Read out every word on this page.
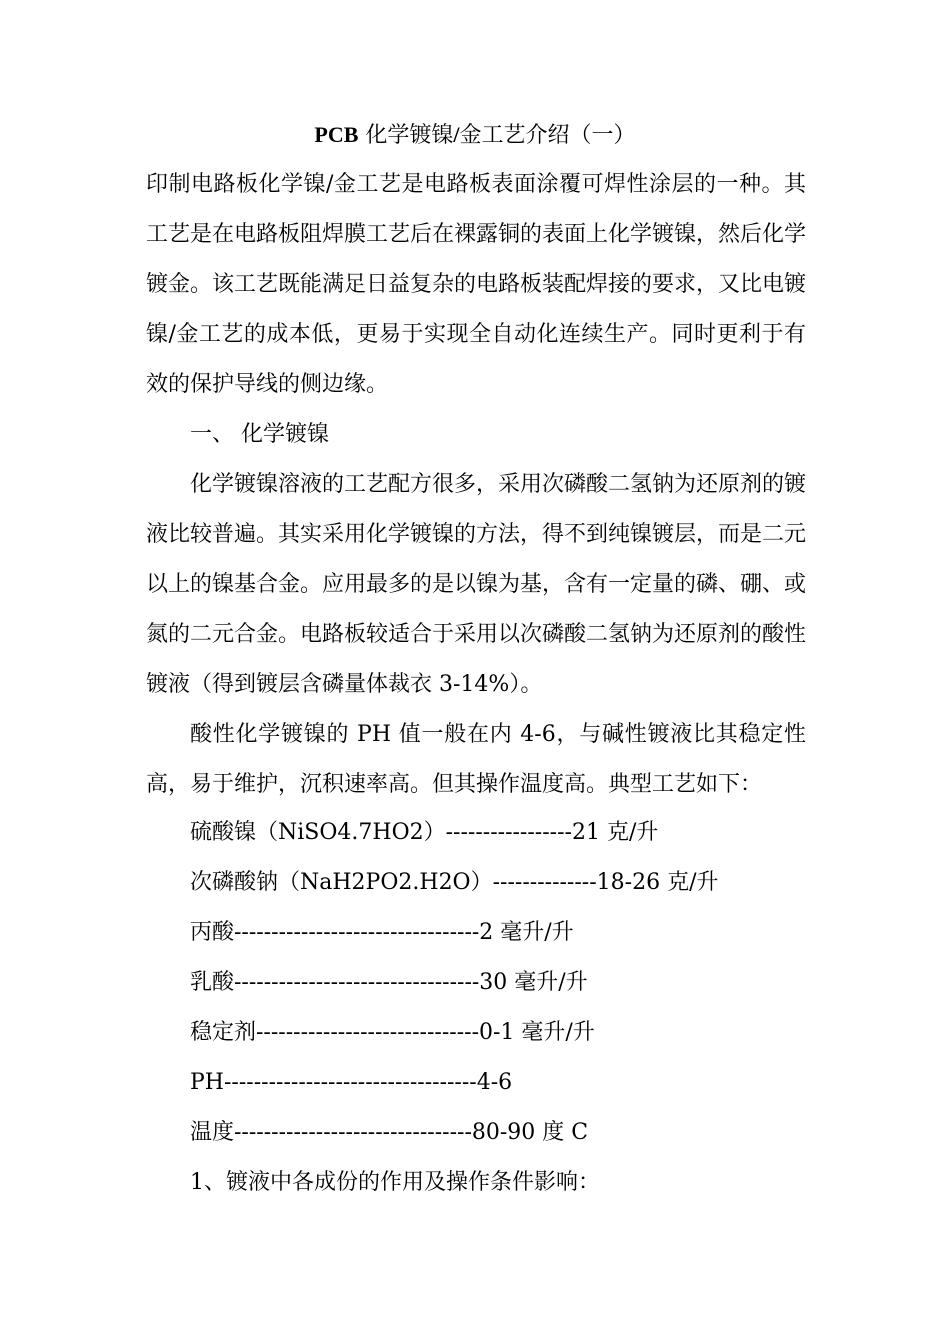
PCB 化学镀镍/金工艺介绍（一）

印制电路板化学镍/金工艺是电路板表面涂覆可焊性涂层的一种。其工艺是在电路板阻焊膜工艺后在裸露铜的表面上化学镀镍，然后化学镀金。该工艺既能满足日益复杂的电路板装配焊接的要求，又比电镀镍/金工艺的成本低，更易于实现全自动化连续生产。同时更利于有效的保护导线的侧边缘。

一、 化学镀镍

化学镀镍溶液的工艺配方很多，采用次磷酸二氢钠为还原剂的镀液比较普遍。其实采用化学镀镍的方法，得不到纯镍镀层，而是二元以上的镍基合金。应用最多的是以镍为基，含有一定量的磷、硼、或氮的二元合金。电路板较适合于采用以次磷酸二氢钠为还原剂的酸性镀液（得到镀层含磷量体裁衣 3-14%）。

酸性化学镀镍的 PH 值一般在内 4-6，与碱性镀液比其稳定性高，易于维护，沉积速率高。但其操作温度高。典型工艺如下：

硫酸镍（NiSO4.7HO2）-----------------21 克/升
次磷酸钠（NaH2PO2.H2O）--------------18-26 克/升
丙酸---------------------------------2 毫升/升
乳酸---------------------------------30 毫升/升
稳定剂------------------------------0-1 毫升/升
PH----------------------------------4-6
温度--------------------------------80-90 度 C
1、镀液中各成份的作用及操作条件影响：
